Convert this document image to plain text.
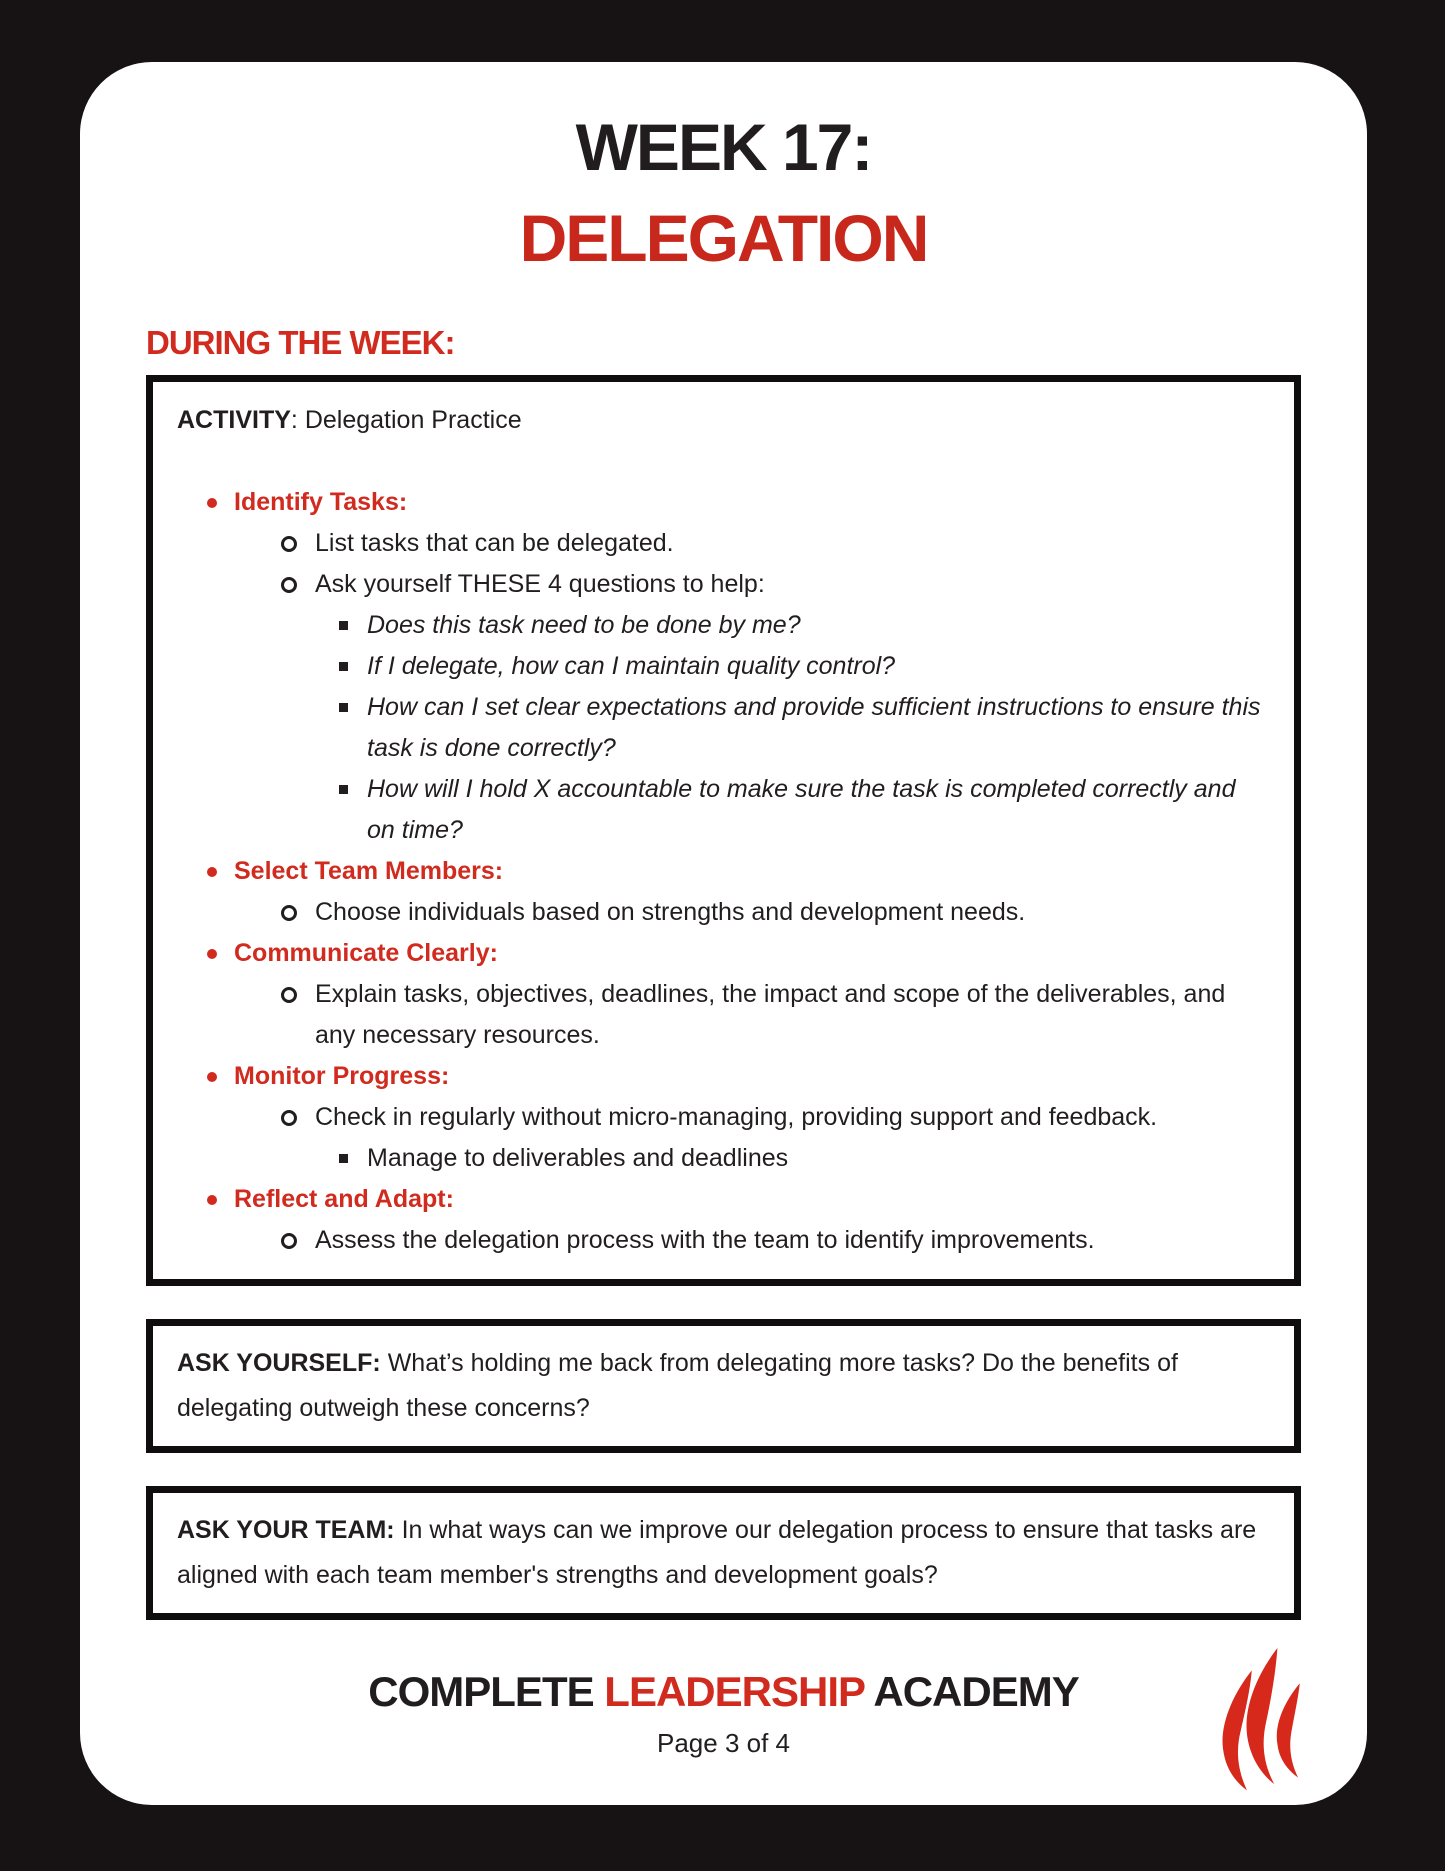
WEEK 17:
DELEGATION
DURING THE WEEK:

ACTIVITY: Delegation Practice

Identify Tasks:
List tasks that can be delegated.
Ask yourself THESE 4 questions to help:
Does this task need to be done by me?
If I delegate, how can I maintain quality control?
How can I set clear expectations and provide sufficient instructions to ensure this task is done correctly?
How will I hold X accountable to make sure the task is completed correctly and on time?
Select Team Members:
Choose individuals based on strengths and development needs.
Communicate Clearly:
Explain tasks, objectives, deadlines, the impact and scope of the deliverables, and any necessary resources.
Monitor Progress:
Check in regularly without micro-managing, providing support and feedback.
Manage to deliverables and deadlines
Reflect and Adapt:
Assess the delegation process with the team to identify improvements.

ASK YOURSELF: What’s holding me back from delegating more tasks? Do the benefits of delegating outweigh these concerns?

ASK YOUR TEAM: In what ways can we improve our delegation process to ensure that tasks are aligned with each team member's strengths and development goals?

COMPLETE LEADERSHIP ACADEMY
Page 3 of 4
